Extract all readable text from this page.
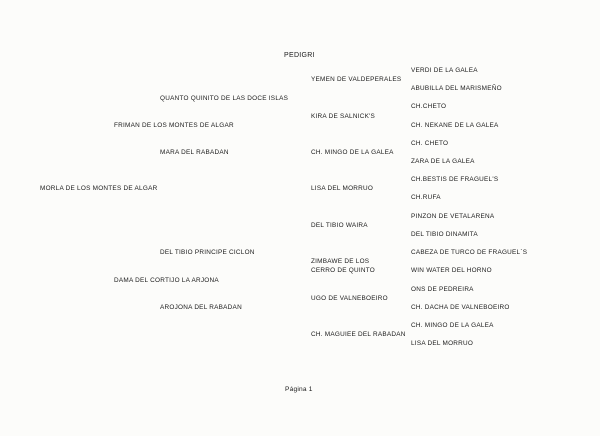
PEDIGRI
MORLA DE LOS MONTES DE ALGAR
FRIMAN DE LOS MONTES DE ALGAR
DAMA DEL CORTIJO LA ARJONA
QUANTO QUINITO DE LAS DOCE ISLAS
MARA DEL RABADAN
DEL TIBIO PRINCIPE CICLON
AROJONA DEL RABADAN
YEMEN DE VALDEPERALES
KIRA DE SALNICK'S
CH. MINGO DE LA GALEA
LISA DEL MORRUO
DEL TIBIO WAIRA
ZIMBAWE DE LOS
CERRO DE QUINTO
UGO DE VALNEBOEIRO
CH. MAGUIEE DEL RABADAN
VERDI DE LA GALEA
ABUBILLA DEL MARISMEÑO
CH.CHETO
CH. NEKANE DE LA GALEA
CH. CHETO
ZARA DE LA GALEA
CH.BESTIS DE FRAGUEL'S
CH.RUFA
PINZON DE VETALARENA
DEL TIBIO DINAMITA
CABEZA DE TURCO DE FRAGUEL`S
WIN WATER DEL HORNO
ONS DE PEDREIRA
CH. DACHA DE VALNEBOEIRO
CH. MINGO DE LA GALEA
LISA DEL MORRUO
Página 1
